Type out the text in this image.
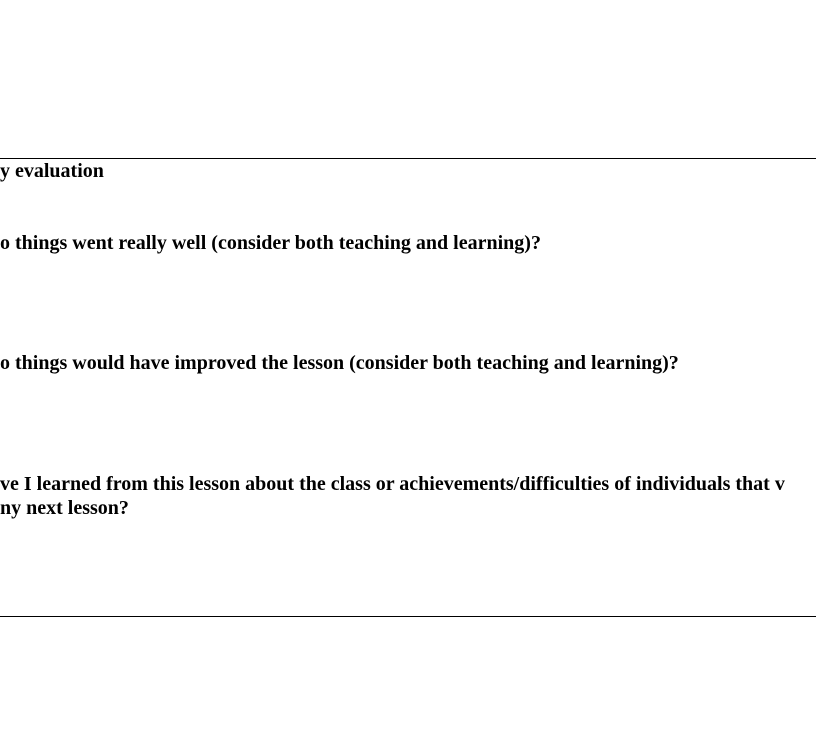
y evaluation
o things went really well (consider both teaching and learning)?
o things would have improved the lesson (consider both teaching and learning)?
ve I learned from this lesson about the class or achievements/difficulties of individuals that v
ny next lesson?
